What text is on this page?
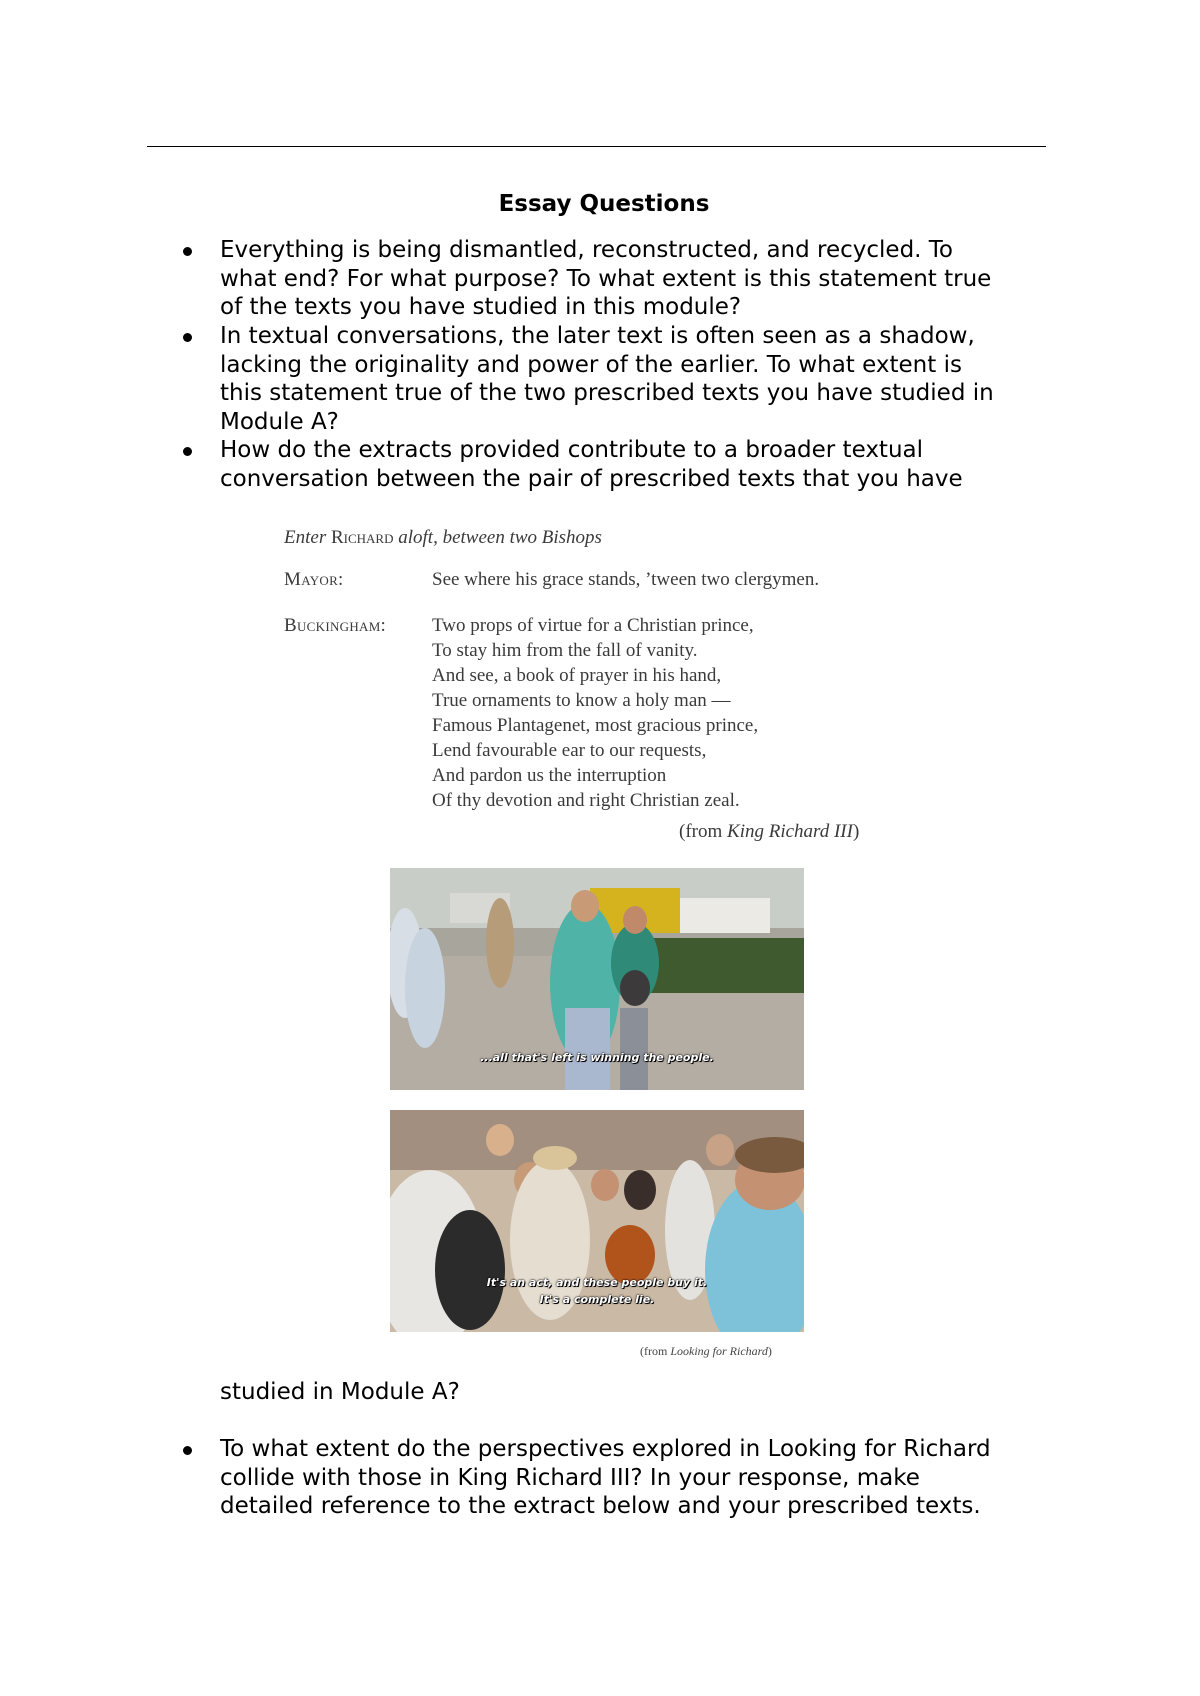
Essay Questions
Everything is being dismantled, reconstructed, and recycled. To
what end? For what purpose? To what extent is this statement true
of the texts you have studied in this module?
In textual conversations, the later text is often seen as a shadow,
lacking the originality and power of the earlier. To what extent is
this statement true of the two prescribed texts you have studied in
Module A?
How do the extracts provided contribute to a broader textual
conversation between the pair of prescribed texts that you have
Enter Richard aloft, between two Bishops
Mayor:	See where his grace stands, ’tween two clergymen.
Buckingham: Two props of virtue for a Christian prince,
To stay him from the fall of vanity.
And see, a book of prayer in his hand,
True ornaments to know a holy man —
Famous Plantagenet, most gracious prince,
Lend favourable ear to our requests,
And pardon us the interruption
Of thy devotion and right Christian zeal.
(from King Richard III)
...all that's left is winning the people.
It's an act, and these people buy it.
It's a complete lie.
(from Looking for Richard)
studied in Module A?
To what extent do the perspectives explored in Looking for Richard
collide with those in King Richard III? In your response, make
detailed reference to the extract below and your prescribed texts.
